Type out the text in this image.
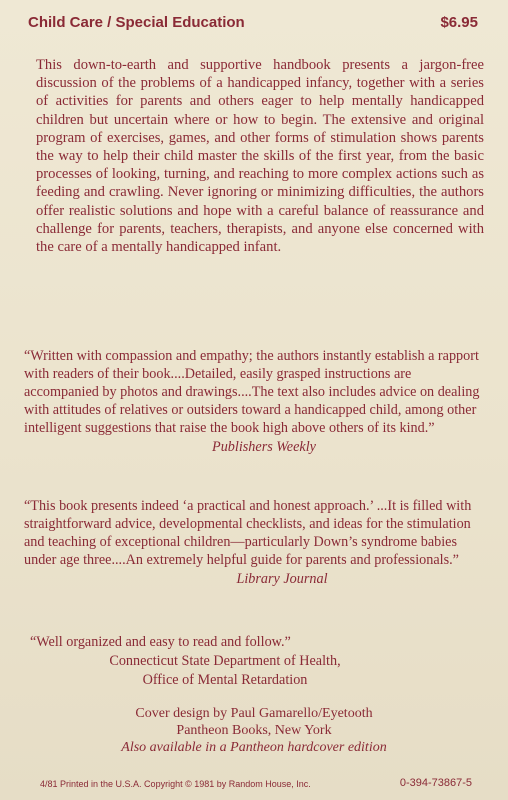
Child Care / Special Education	$6.95

This down-to-earth and supportive handbook presents a jargon-free discussion of the problems of a handicapped infancy, together with a series of activities for parents and others eager to help mentally handicapped children but uncertain where or how to begin. The extensive and original program of exercises, games, and other forms of stimulation shows parents the way to help their child master the skills of the first year, from the basic processes of looking, turning, and reaching to more complex actions such as feeding and crawling. Never ignoring or minimizing difficulties, the authors offer realistic solutions and hope with a careful balance of reassurance and challenge for parents, teachers, therapists, and anyone else concerned with the care of a mentally handicapped infant.

“Written with compassion and empathy; the authors instantly establish a rapport with readers of their book....Detailed, easily grasped instructions are accompanied by photos and drawings....The text also includes advice on dealing with attitudes of relatives or outsiders toward a handicapped child, among other intelligent suggestions that raise the book high above others of its kind.”
Publishers Weekly

“This book presents indeed ‘a practical and honest approach.’ ...It is filled with straightforward advice, developmental checklists, and ideas for the stimulation and teaching of exceptional children—particularly Down’s syndrome babies under age three....An extremely helpful guide for parents and professionals.”
Library Journal

“Well organized and easy to read and follow.”
Connecticut State Department of Health,
Office of Mental Retardation

Cover design by Paul Gamarello/Eyetooth
Pantheon Books, New York
Also available in a Pantheon hardcover edition
4/81 Printed in the U.S.A. Copyright © 1981 by Random House, Inc.	0-394-73867-5
